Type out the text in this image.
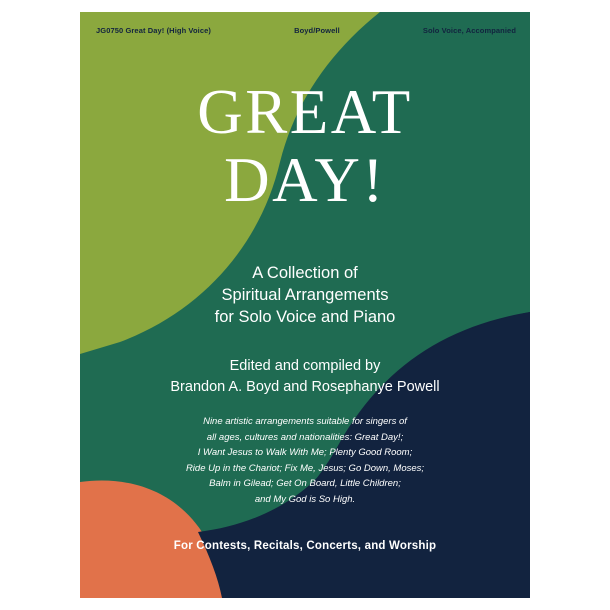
JG0750 Great Day! (High Voice)	Boyd/Powell	Solo Voice, Accompanied
GREAT
DAY!
A Collection of
Spiritual Arrangements
for Solo Voice and Piano
Edited and compiled by
Brandon A. Boyd and Rosephanye Powell
Nine artistic arrangements suitable for singers of
all ages, cultures and nationalities: Great Day!;
I Want Jesus to Walk With Me; Plenty Good Room;
Ride Up in the Chariot; Fix Me, Jesus; Go Down, Moses;
Balm in Gilead; Get On Board, Little Children;
and My God is So High.
For Contests, Recitals, Concerts, and Worship
